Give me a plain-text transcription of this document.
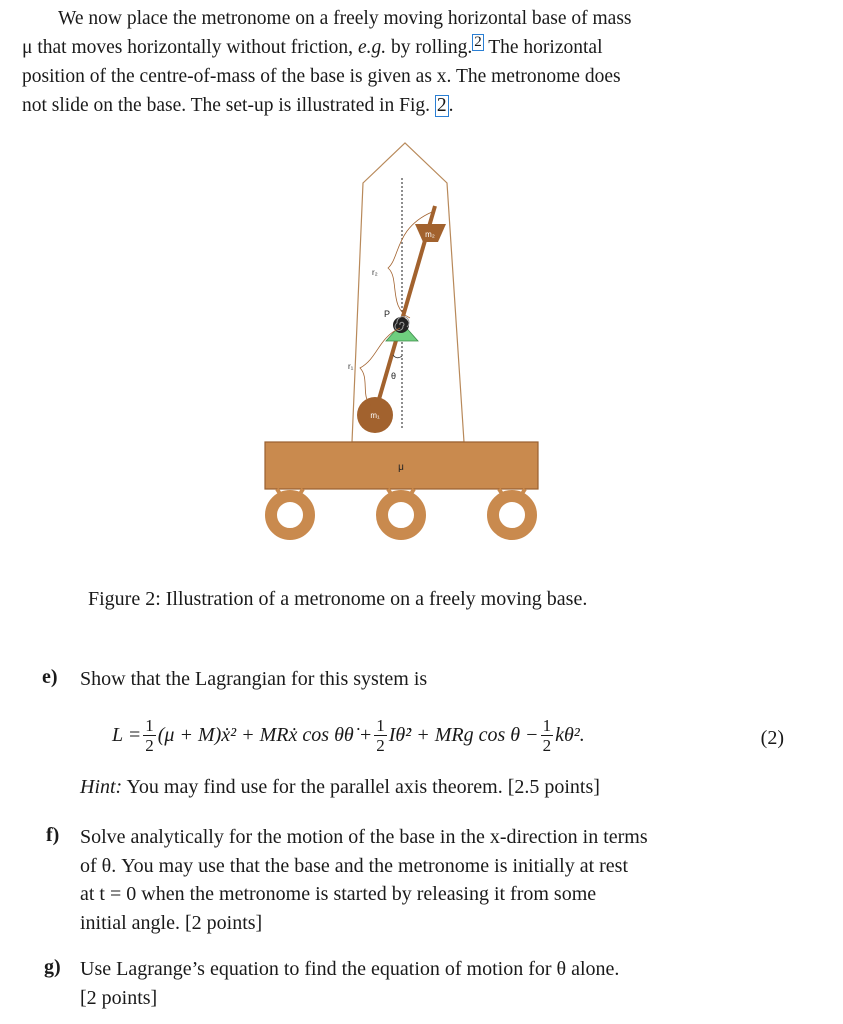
We now place the metronome on a freely moving horizontal base of mass
μ that moves horizontally without friction, e.g. by rolling. 2 The horizontal
position of the centre-of-mass of the base is given as x. The metronome does
not slide on the base. The set-up is illustrated in Fig. 2 .
m₂
P
m₁
r₂
r₁
θ
μ
Figure 2: Illustration of a metronome on a freely moving base.
e) Show that the Lagrangian for this system is
$L = \frac{1}{2} (\mu$ + M)ẋ² + MRẋ cos θθ̇ + $\frac{1}{2}$ Iθ̇² + MRg $\cos \theta - \frac{1}{2} k\theta^2$.	(2)
Hint: You may find use for the parallel axis theorem. [2.5 points]
f) Solve analytically for the motion of the base in the x-direction in terms
of θ. You may use that the base and the metronome is initially at rest
at t = 0 when the metronome is started by releasing it from some
initial angle. [2 points]
g) Use Lagrange’s equation to find the equation of motion for θ alone.
[2 points]
